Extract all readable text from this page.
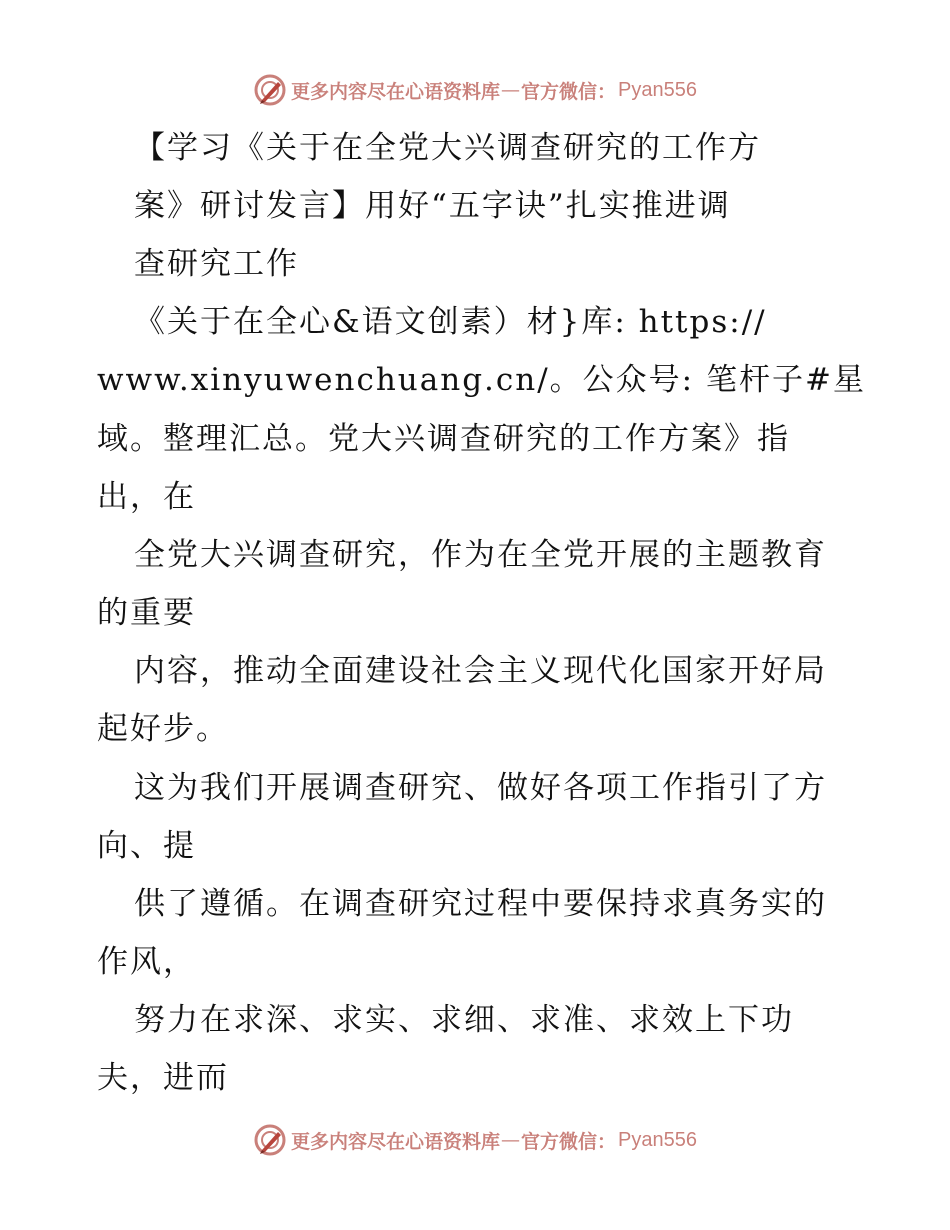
更多内容尽在心语资料库 — 官方微信： Pyan556

【学习《关于在全党大兴调查研究的工作方

案》研讨发言】用好“五字诀”扎实推进调

查研究工作

《关于在全心&语文创素）材}库: https://

www.xinyuwenchuang.cn/。公众号: 笔杆子#星

域。整理汇总。党大兴调查研究的工作方案》指

出，在

全党大兴调查研究，作为在全党开展的主题教育

的重要

内容，推动全面建设社会主义现代化国家开好局

起好步。

这为我们开展调查研究、做好各项工作指引了方

向、提

供了遵循。在调查研究过程中要保持求真务实的

作风，

努力在求深、求实、求细、求准、求效上下功

夫，进而

更多内容尽在心语资料库 — 官方微信： Pyan556
